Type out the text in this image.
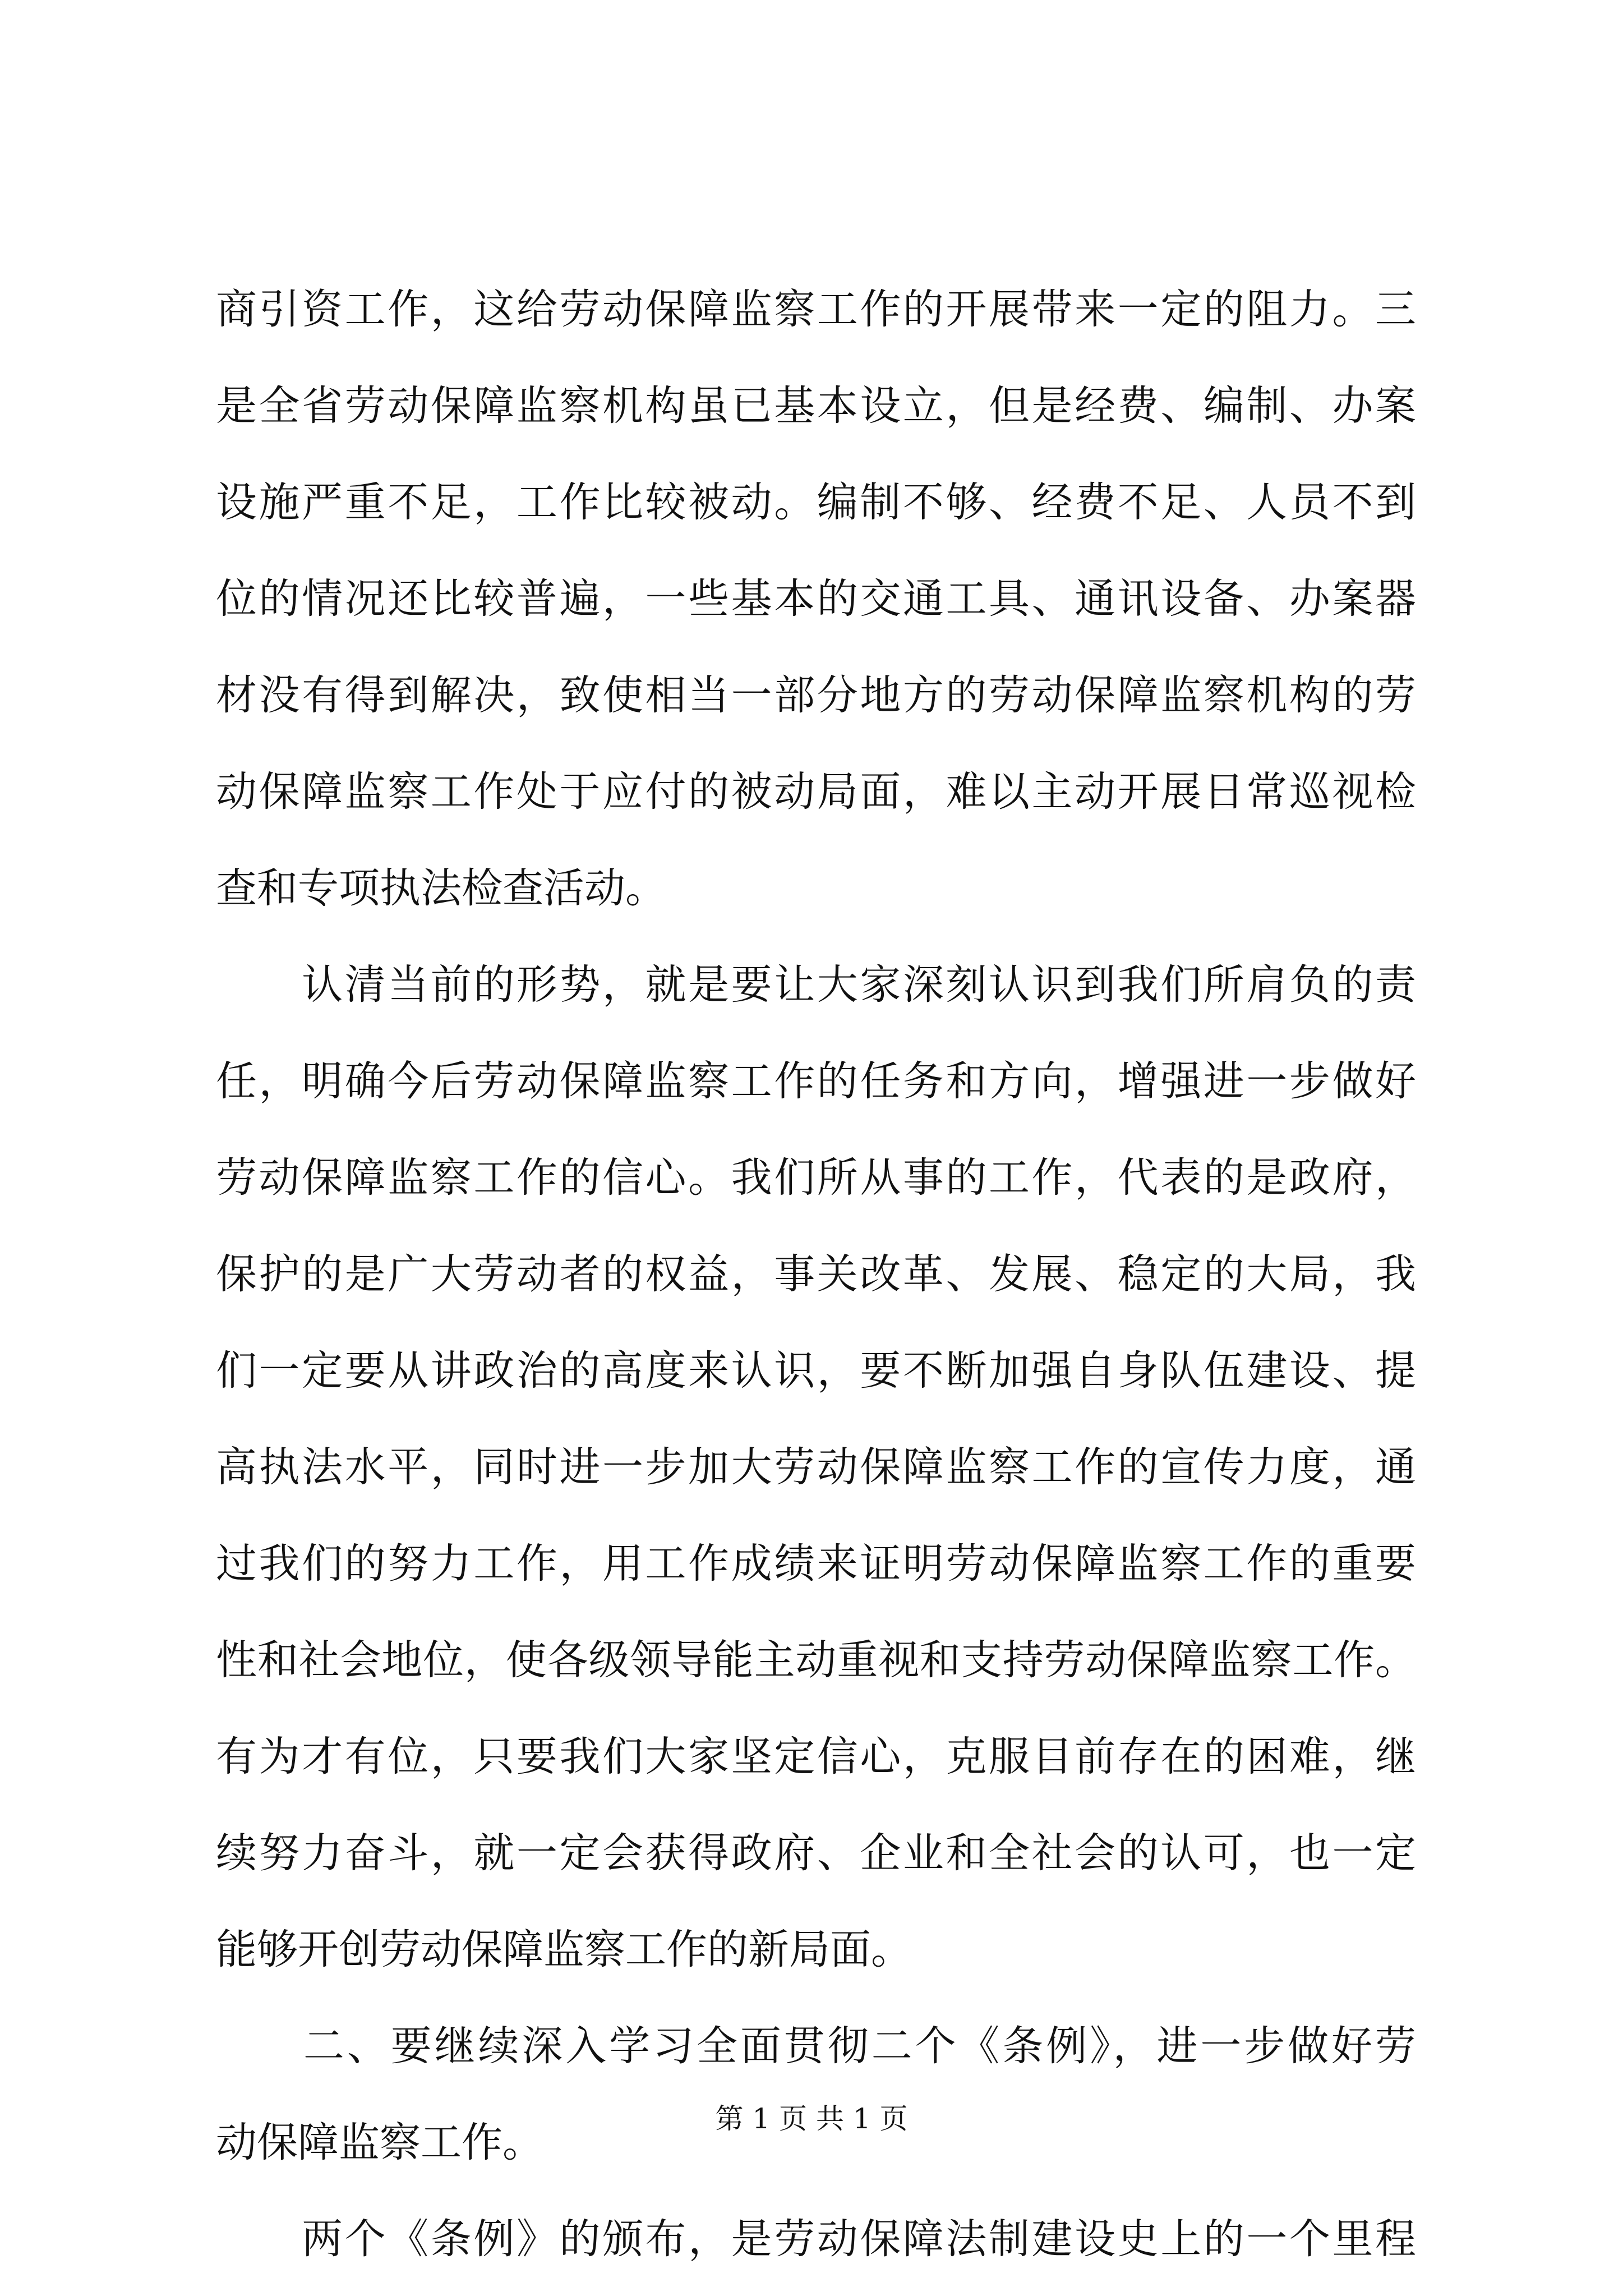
商引资工作，这给劳动保障监察工作的开展带来一定的阻力。三
是全省劳动保障监察机构虽已基本设立，但是经费、编制、办案
设施严重不足，工作比较被动。编制不够、经费不足、人员不到
位的情况还比较普遍，一些基本的交通工具、通讯设备、办案器
材没有得到解决，致使相当一部分地方的劳动保障监察机构的劳
动保障监察工作处于应付的被动局面，难以主动开展日常巡视检
查和专项执法检查活动。
　　认清当前的形势，就是要让大家深刻认识到我们所肩负的责
任，明确今后劳动保障监察工作的任务和方向，增强进一步做好
劳动保障监察工作的信心。我们所从事的工作，代表的是政府，
保护的是广大劳动者的权益，事关改革、发展、稳定的大局，我
们一定要从讲政治的高度来认识，要不断加强自身队伍建设、提
高执法水平，同时进一步加大劳动保障监察工作的宣传力度，通
过我们的努力工作，用工作成绩来证明劳动保障监察工作的重要
性和社会地位，使各级领导能主动重视和支持劳动保障监察工作。
有为才有位，只要我们大家坚定信心，克服目前存在的困难，继
续努力奋斗，就一定会获得政府、企业和全社会的认可，也一定
能够开创劳动保障监察工作的新局面。
　　二、要继续深入学习全面贯彻二个《条例》，进一步做好劳
动保障监察工作。
　　两个《条例》的颁布，是劳动保障法制建设史上的一个里程
第 1 页 共 1 页
